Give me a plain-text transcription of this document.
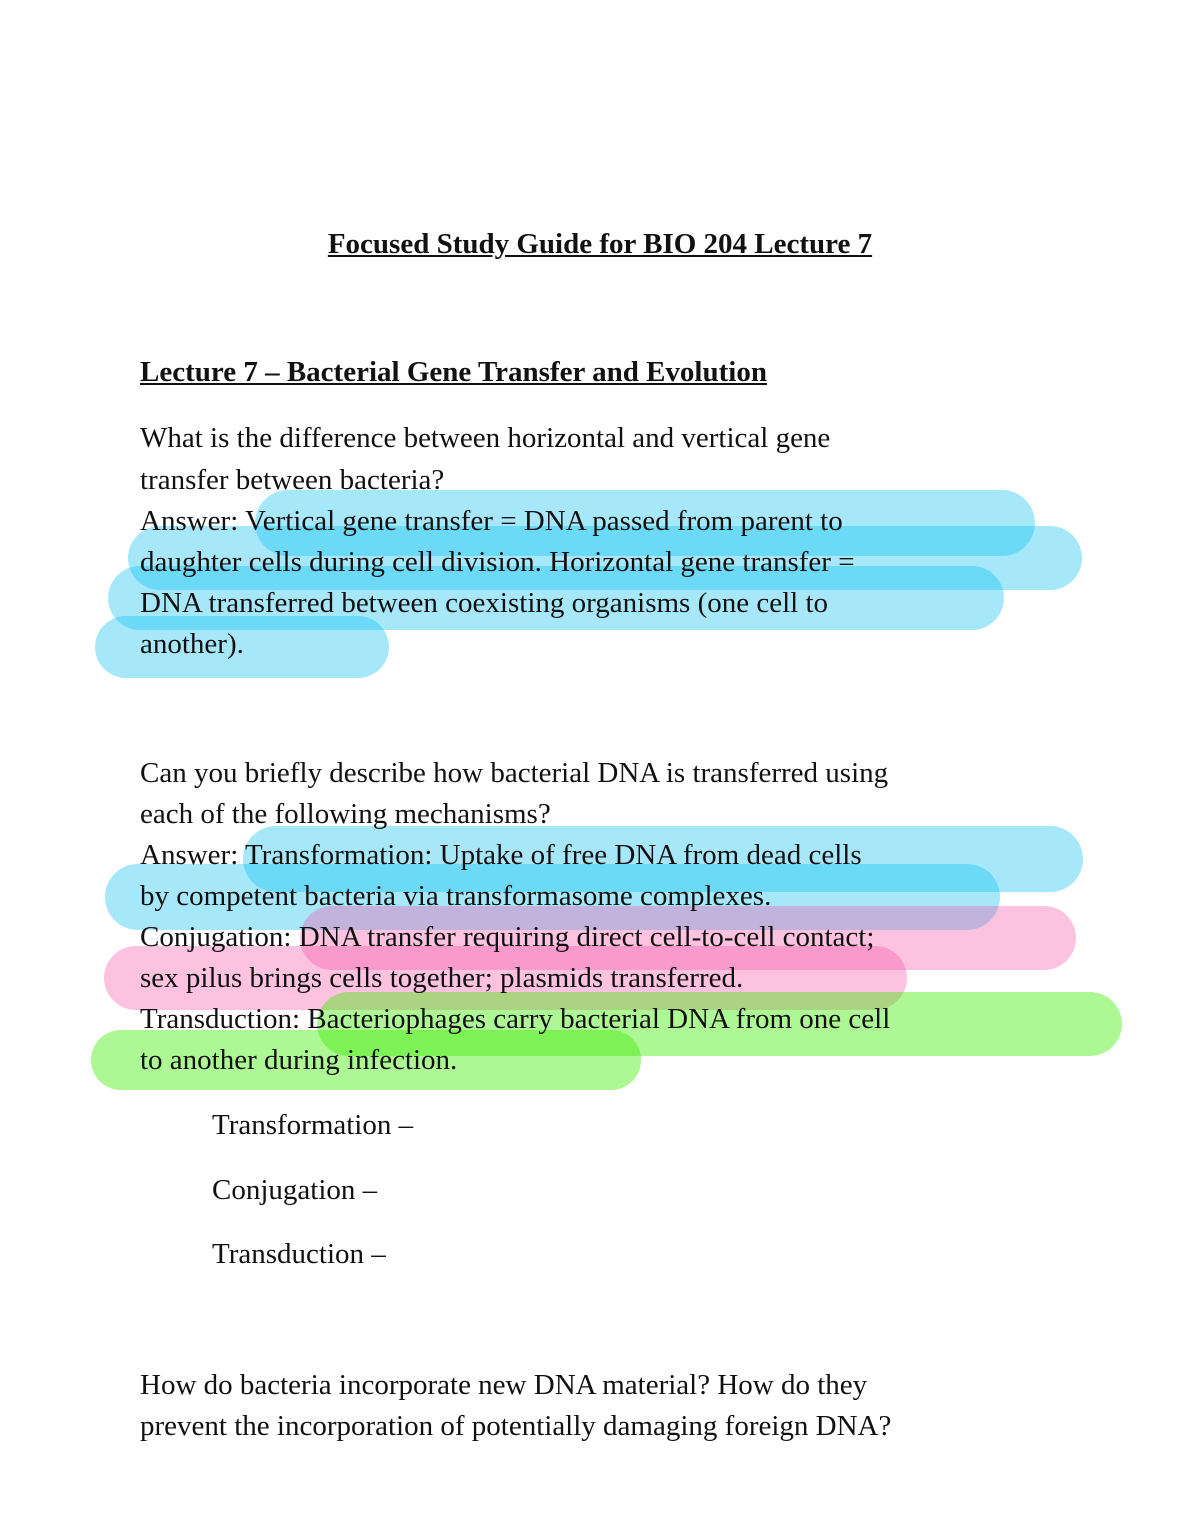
Focused Study Guide for BIO 204 Lecture 7
Lecture 7 – Bacterial Gene Transfer and Evolution

What is the difference between horizontal and vertical gene

transfer between bacteria?

Answer: Vertical gene transfer = DNA passed from parent to

daughter cells during cell division. Horizontal gene transfer =

DNA transferred between coexisting organisms (one cell to

another).

Can you briefly describe how bacterial DNA is transferred using

each of the following mechanisms?

Answer: Transformation: Uptake of free DNA from dead cells

by competent bacteria via transformasome complexes.

Conjugation: DNA transfer requiring direct cell-to-cell contact;

sex pilus brings cells together; plasmids transferred.

Transduction: Bacteriophages carry bacterial DNA from one cell

to another during infection.

Transformation –

Conjugation –

Transduction –

How do bacteria incorporate new DNA material? How do they

prevent the incorporation of potentially damaging foreign DNA?
